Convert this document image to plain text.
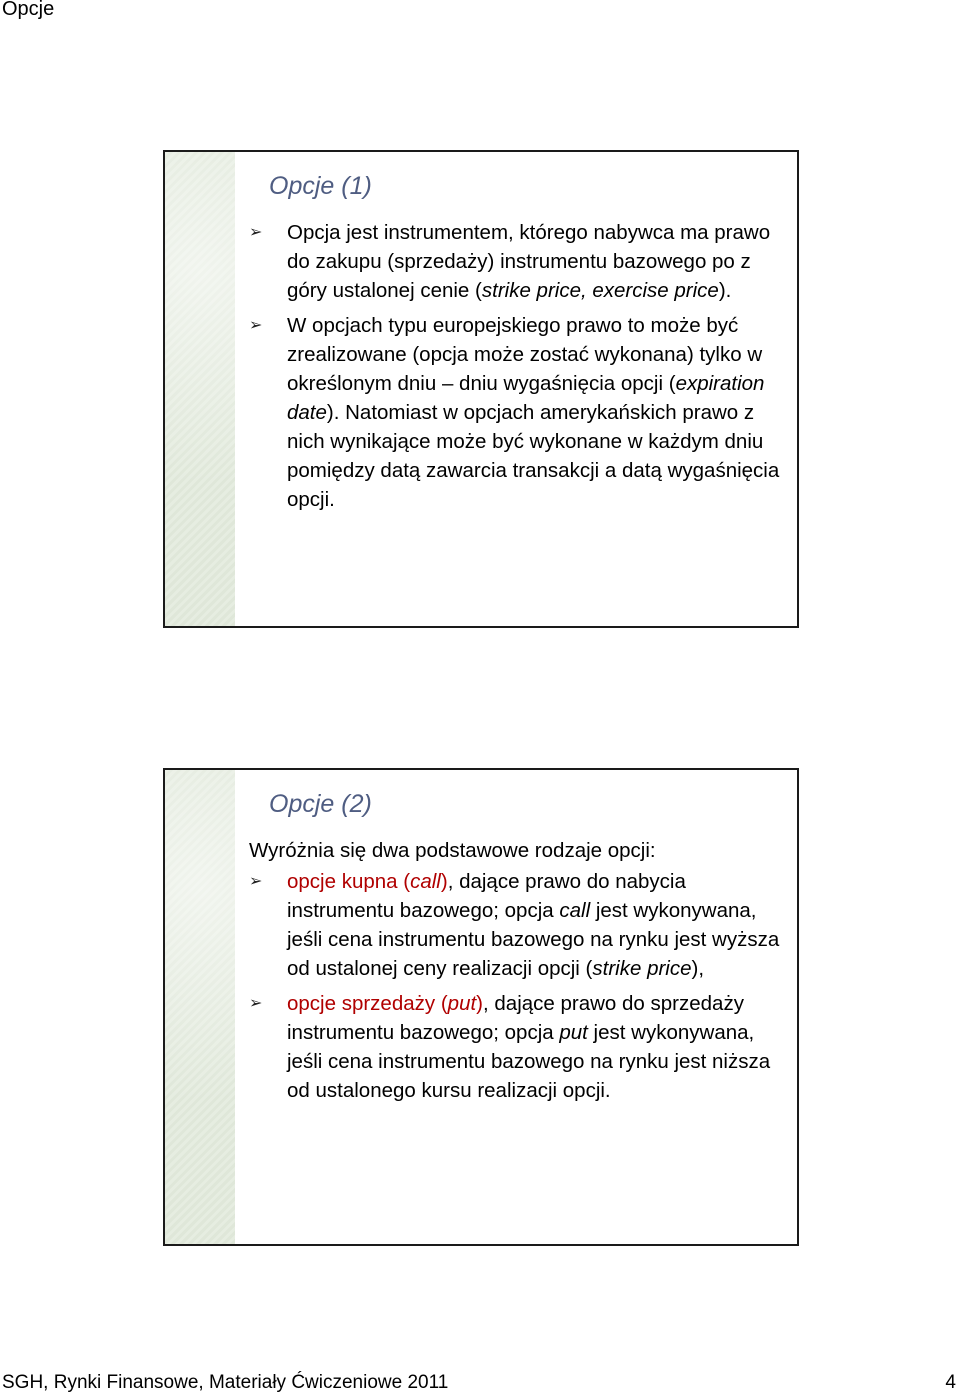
Opcje
Opcje (1)
➢ Opcja jest instrumentem, którego nabywca ma prawo do zakupu (sprzedaży) instrumentu bazowego po z góry ustalonej cenie (strike price, exercise price).
➢ W opcjach typu europejskiego prawo to może być zrealizowane (opcja może zostać wykonana) tylko w określonym dniu – dniu wygaśnięcia opcji (expiration date). Natomiast w opcjach amerykańskich prawo z nich wynikające może być wykonane w każdym dniu pomiędzy datą zawarcia transakcji a datą wygaśnięcia opcji.
Opcje (2)
Wyróżnia się dwa podstawowe rodzaje opcji:
➢ opcje kupna (call), dające prawo do nabycia instrumentu bazowego; opcja call jest wykonywana, jeśli cena instrumentu bazowego na rynku jest wyższa od ustalonej ceny realizacji opcji (strike price),
➢ opcje sprzedaży (put), dające prawo do sprzedaży instrumentu bazowego; opcja put jest wykonywana, jeśli cena instrumentu bazowego na rynku jest niższa od ustalonego kursu realizacji opcji.
SGH, Rynki Finansowe, Materiały Ćwiczeniowe 2011	4
